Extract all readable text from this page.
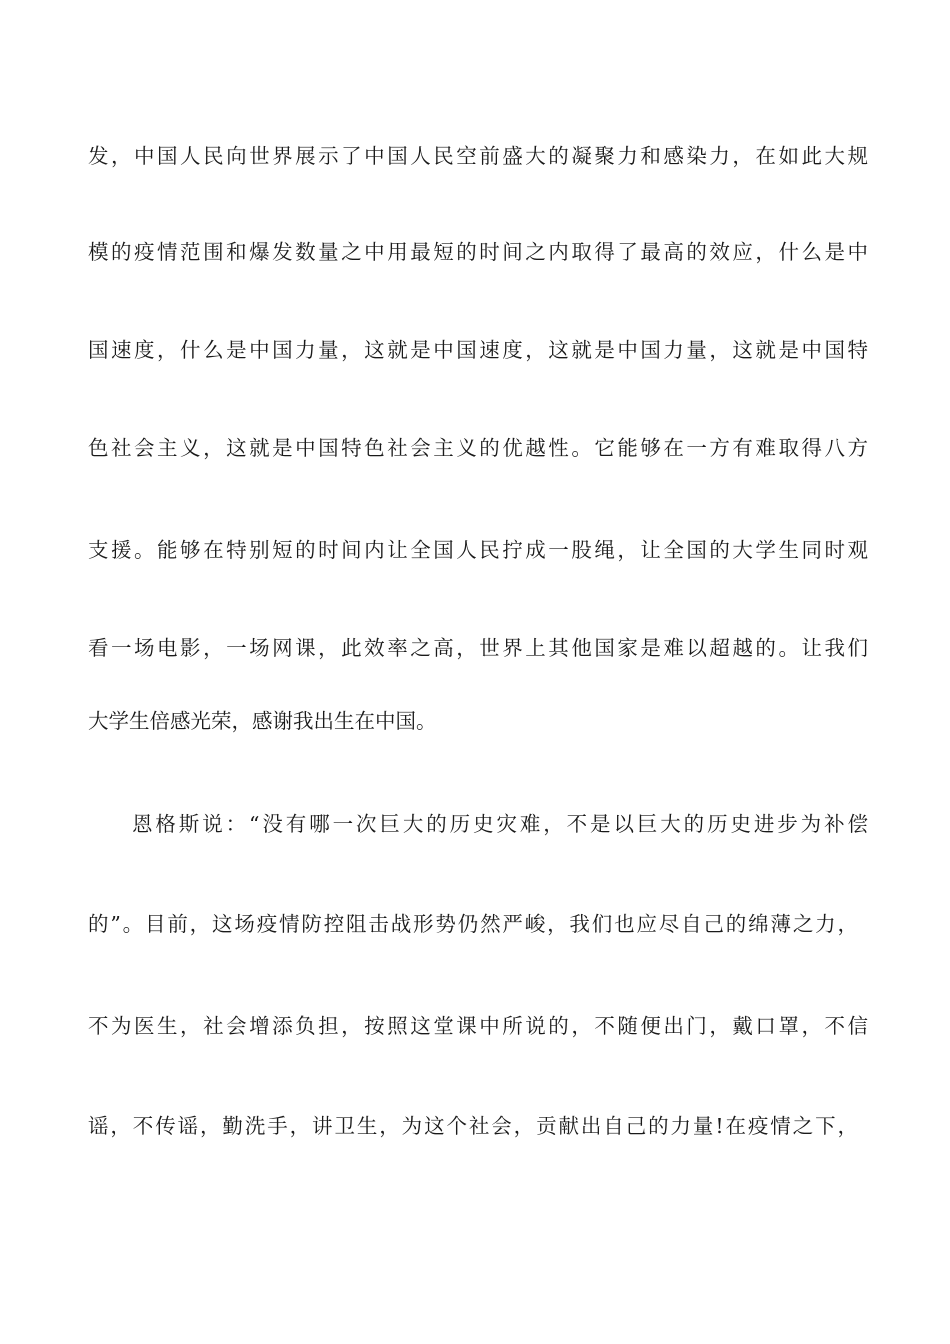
发，中国人民向世界展示了中国人民空前盛大的凝聚力和感染力，在如此大规
模的疫情范围和爆发数量之中用最短的时间之内取得了最高的效应，什么是中
国速度，什么是中国力量，这就是中国速度，这就是中国力量，这就是中国特
色社会主义，这就是中国特色社会主义的优越性。它能够在一方有难取得八方
支援。能够在特别短的时间内让全国人民拧成一股绳，让全国的大学生同时观
看一场电影，一场网课，此效率之高，世界上其他国家是难以超越的。让我们
大学生倍感光荣，感谢我出生在中国。
恩格斯说：“没有哪一次巨大的历史灾难，不是以巨大的历史进步为补偿
的”。目前，这场疫情防控阻击战形势仍然严峻，我们也应尽自己的绵薄之力，
不为医生，社会增添负担，按照这堂课中所说的，不随便出门，戴口罩，不信
谣，不传谣，勤洗手，讲卫生，为这个社会，贡献出自己的力量!在疫情之下，
